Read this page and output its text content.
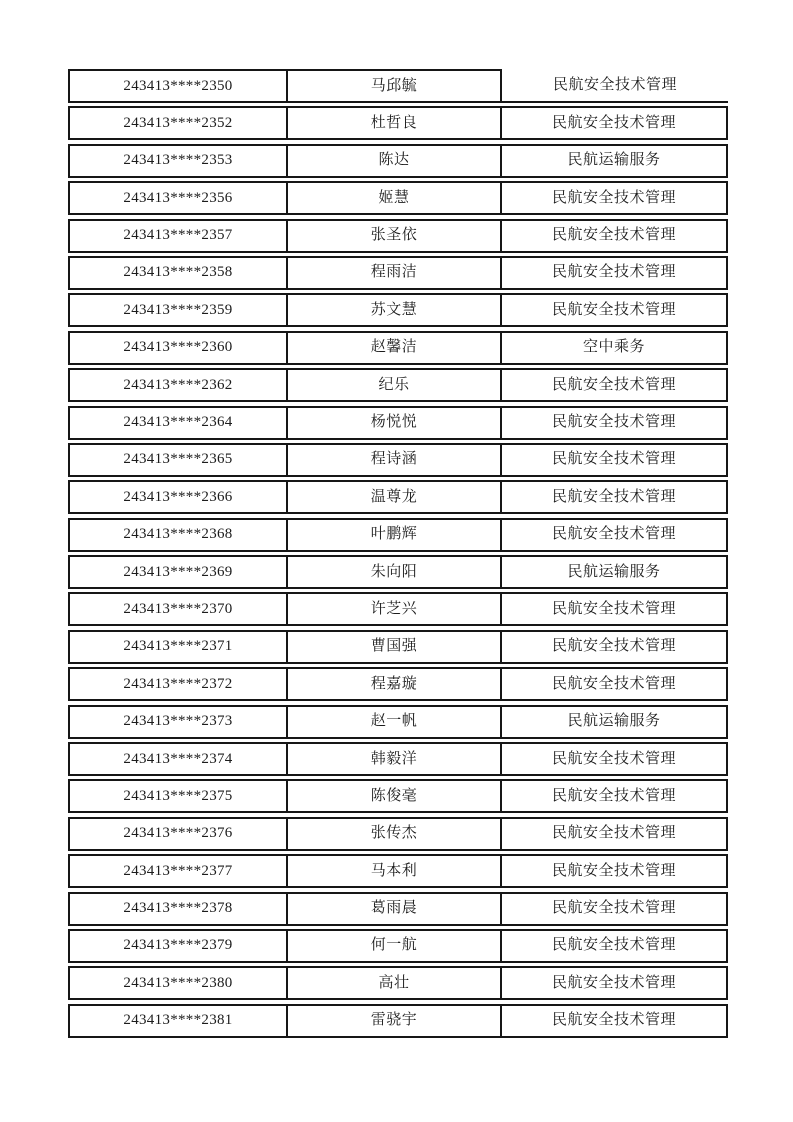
243413****2350	马邱毓	民航安全技术管理
243413****2352	杜哲良	民航安全技术管理
243413****2353	陈达	民航运输服务
243413****2356	姬慧	民航安全技术管理
243413****2357	张圣依	民航安全技术管理
243413****2358	程雨洁	民航安全技术管理
243413****2359	苏文慧	民航安全技术管理
243413****2360	赵馨洁	空中乘务
243413****2362	纪乐	民航安全技术管理
243413****2364	杨悦悦	民航安全技术管理
243413****2365	程诗涵	民航安全技术管理
243413****2366	温尊龙	民航安全技术管理
243413****2368	叶鹏辉	民航安全技术管理
243413****2369	朱向阳	民航运输服务
243413****2370	许芝兴	民航安全技术管理
243413****2371	曹国强	民航安全技术管理
243413****2372	程嘉璇	民航安全技术管理
243413****2373	赵一帆	民航运输服务
243413****2374	韩毅洋	民航安全技术管理
243413****2375	陈俊毫	民航安全技术管理
243413****2376	张传杰	民航安全技术管理
243413****2377	马本利	民航安全技术管理
243413****2378	葛雨晨	民航安全技术管理
243413****2379	何一航	民航安全技术管理
243413****2380	高壮	民航安全技术管理
243413****2381	雷骁宇	民航安全技术管理
